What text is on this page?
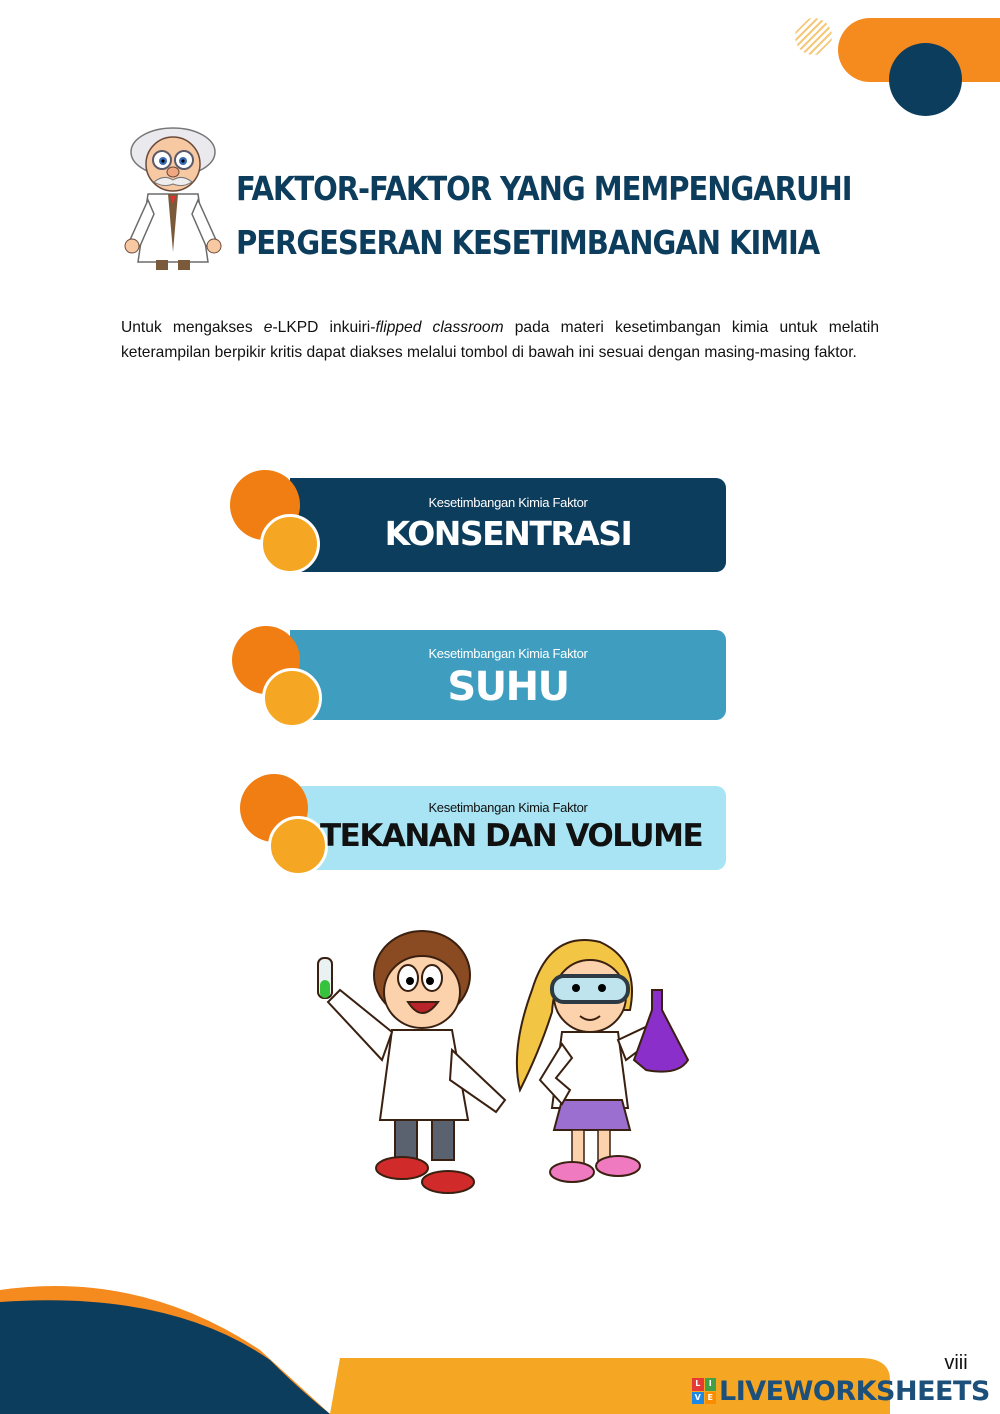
FAKTOR-FAKTOR YANG MEMPENGARUHI
PERGESERAN KESETIMBANGAN KIMIA

Untuk mengakses e-LKPD inkuiri-flipped classroom pada materi kesetimbangan kimia untuk melatih keterampilan berpikir kritis dapat diakses melalui tombol di bawah ini sesuai dengan masing-masing faktor.

Kesetimbangan Kimia Faktor
KONSENTRASI
Kesetimbangan Kimia Faktor
SUHU
Kesetimbangan Kimia Faktor
TEKANAN DAN VOLUME
viii
L	I
V E LIVEWORKSHEETS
